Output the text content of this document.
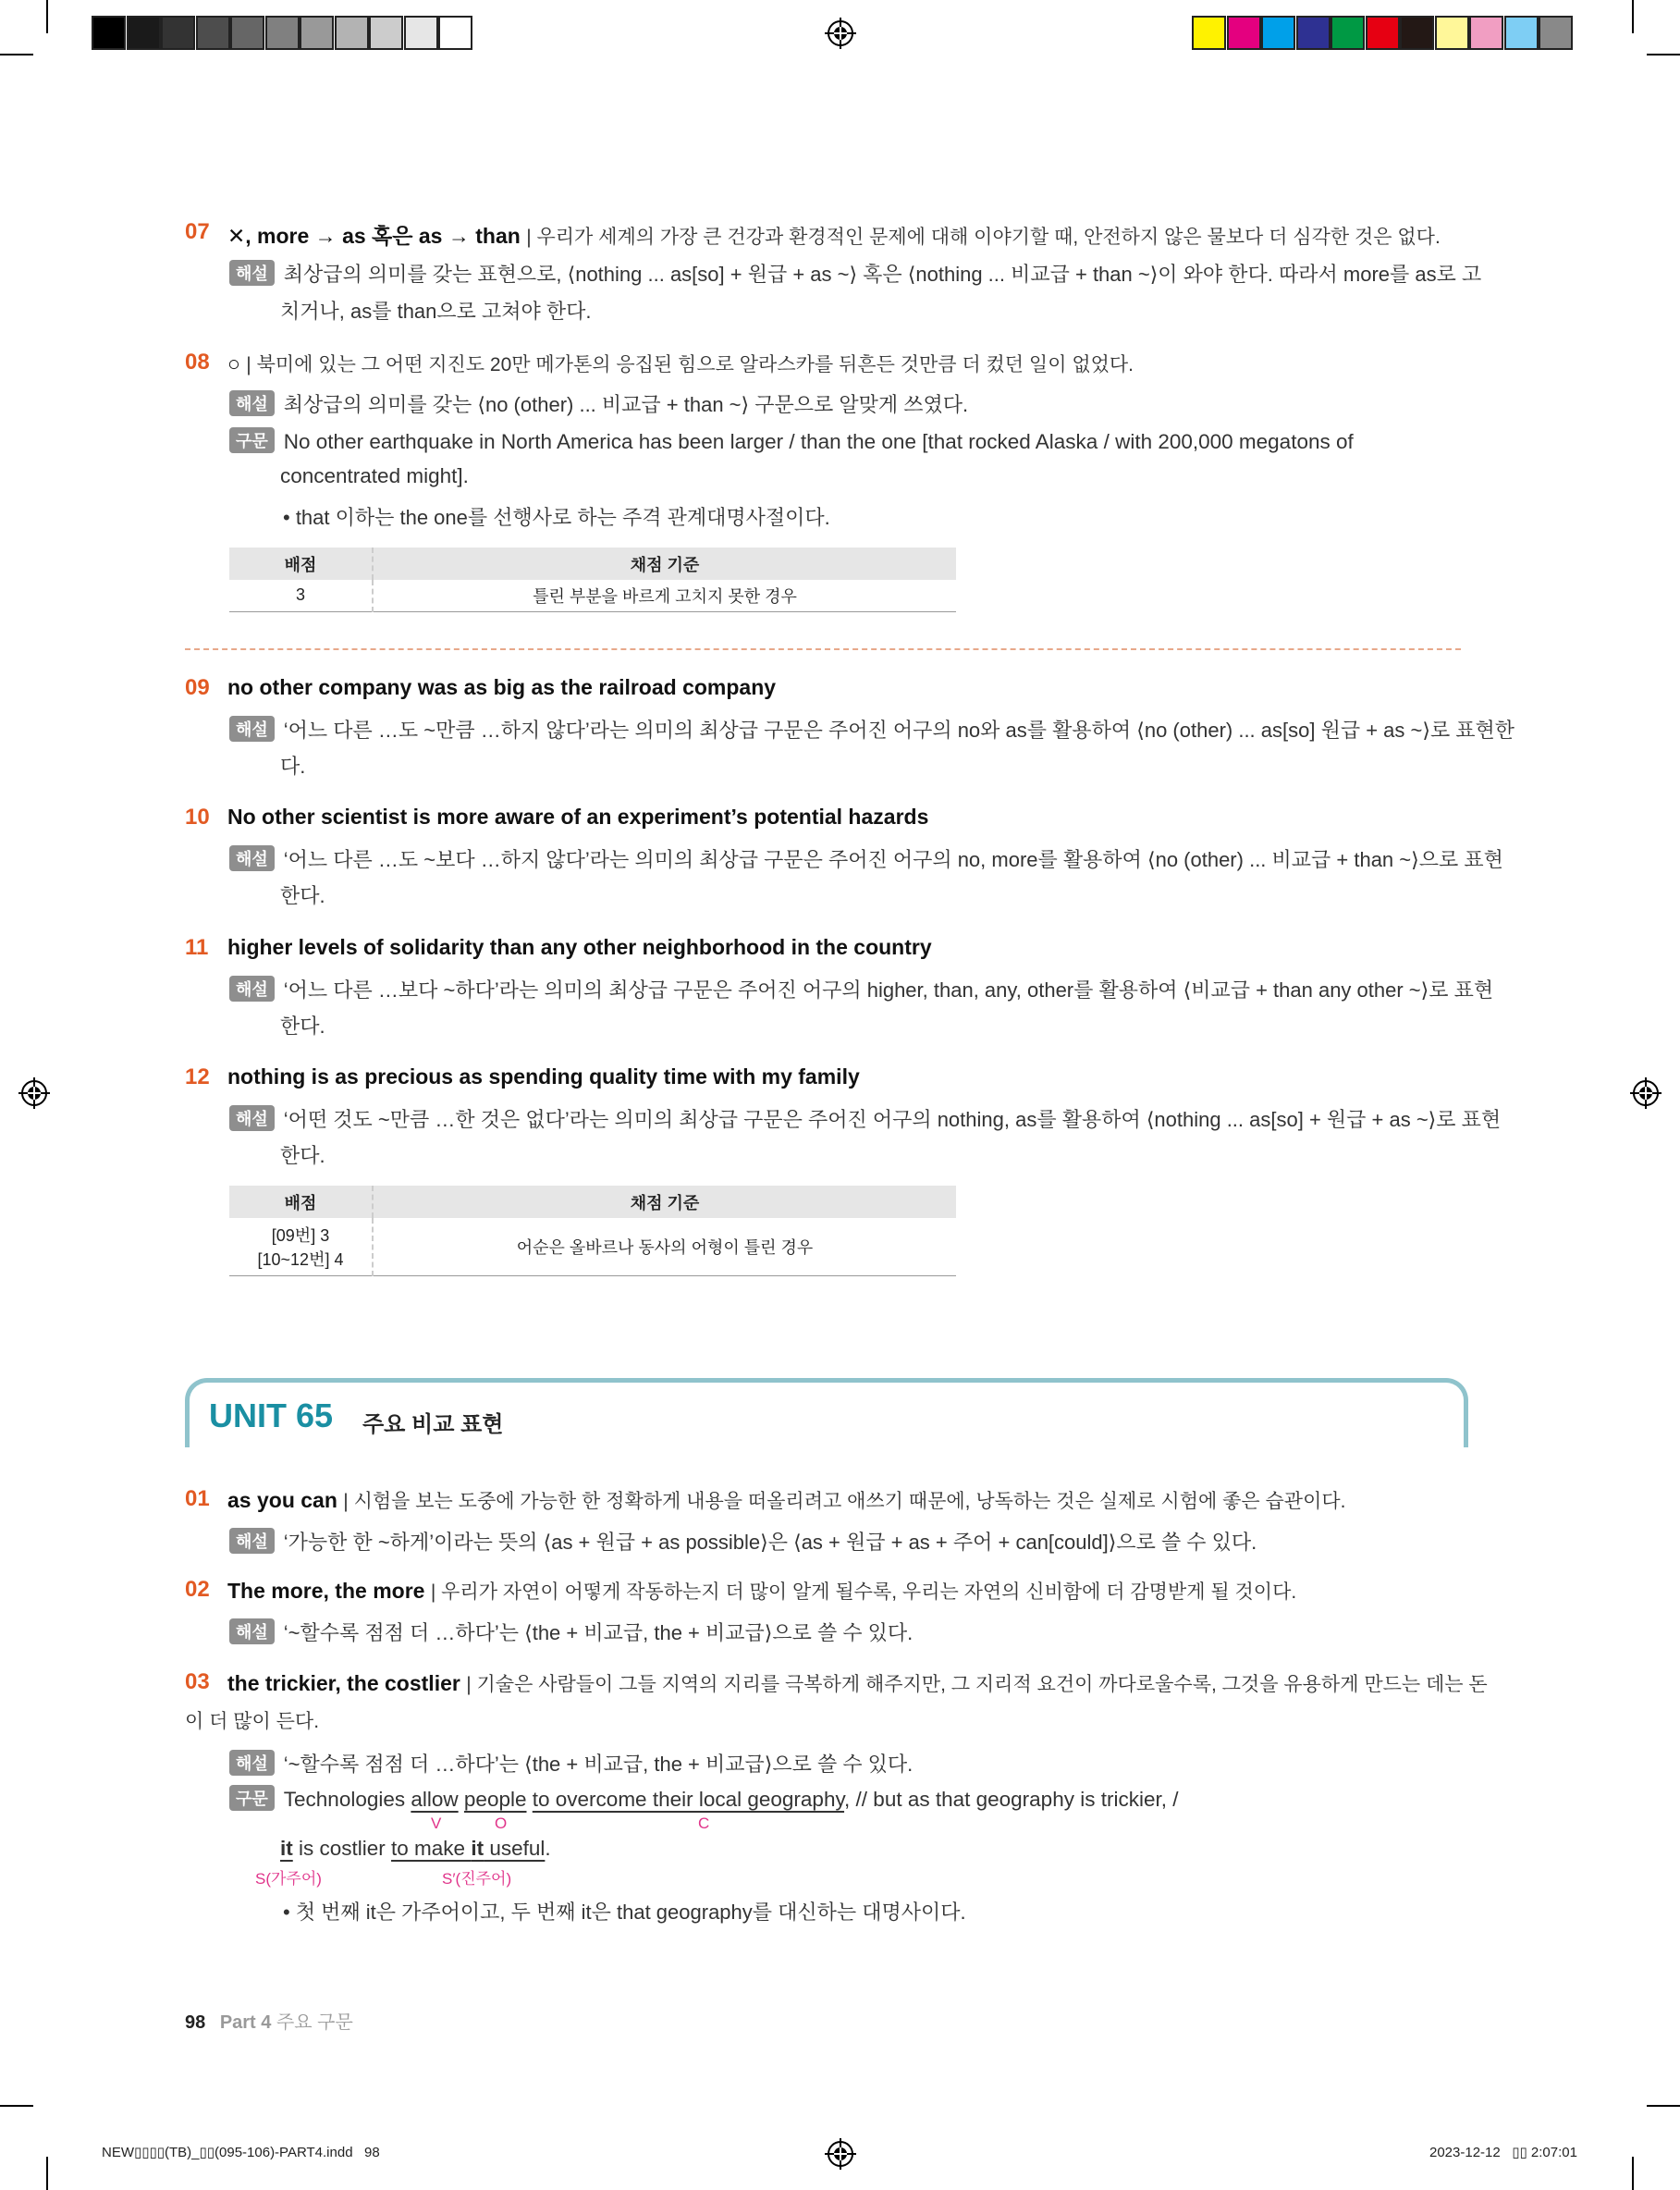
07 ✕, more → as 혹은 as → than | 우리가 세계의 가장 큰 건강과 환경적인 문제에 대해 이야기할 때, 안전하지 않은 물보다 더 심각한 것은 없다.
해설 최상급의 의미를 갖는 표현으로, ⟨nothing ... as[so] + 원급 + as ~⟩ 혹은 ⟨nothing ... 비교급 + than ~⟩이 와야 한다. 따라서 more를 as로 고
치거나, as를 than으로 고쳐야 한다.
08 ○ | 북미에 있는 그 어떤 지진도 20만 메가톤의 응집된 힘으로 알라스카를 뒤흔든 것만큼 더 컸던 일이 없었다.
해설 최상급의 의미를 갖는 ⟨no (other) ... 비교급 + than ~⟩ 구문으로 알맞게 쓰였다.
구문 No other earthquake in North America has been larger / than the one [that rocked Alaska / with 200,000 megatons of
concentrated might].
• that 이하는 the one를 선행사로 하는 주격 관계대명사절이다.
배점	채점 기준
3	틀린 부분을 바르게 고치지 못한 경우
09 no other company was as big as the railroad company
해설 ‘어느 다른 …도 ~만큼 …하지 않다’라는 의미의 최상급 구문은 주어진 어구의 no와 as를 활용하여 ⟨no (other) ... as[so] 원급 + as ~⟩로 표현한
다.
10 No other scientist is more aware of an experiment’s potential hazards
해설 ‘어느 다른 …도 ~보다 …하지 않다’라는 의미의 최상급 구문은 주어진 어구의 no, more를 활용하여 ⟨no (other) ... 비교급 + than ~⟩으로 표현
한다.
11 higher levels of solidarity than any other neighborhood in the country
해설 ‘어느 다른 …보다 ~하다’라는 의미의 최상급 구문은 주어진 어구의 higher, than, any, other를 활용하여 ⟨비교급 + than any other ~⟩로 표현
한다.
12 nothing is as precious as spending quality time with my family
해설 ‘어떤 것도 ~만큼 …한 것은 없다’라는 의미의 최상급 구문은 주어진 어구의 nothing, as를 활용하여 ⟨nothing ... as[so] + 원급 + as ~⟩로 표현
한다.
배점	채점 기준

[09번] 3
[10~12번] 4	어순은 올바르나 동사의 어형이 틀린 경우
UNIT 65 주요 비교 표현
01 as you can | 시험을 보는 도중에 가능한 한 정확하게 내용을 떠올리려고 애쓰기 때문에, 낭독하는 것은 실제로 시험에 좋은 습관이다.
해설 ‘가능한 한 ~하게’이라는 뜻의 ⟨as + 원급 + as possible⟩은 ⟨as + 원급 + as + 주어 + can[could]⟩으로 쓸 수 있다.
02 The more, the more | 우리가 자연이 어떻게 작동하는지 더 많이 알게 될수록, 우리는 자연의 신비함에 더 감명받게 될 것이다.
해설 ‘~할수록 점점 더 …하다’는 ⟨the + 비교급, the + 비교급⟩으로 쓸 수 있다.
03 the trickier, the costlier | 기술은 사람들이 그들 지역의 지리를 극복하게 해주지만, 그 지리적 요건이 까다로울수록, 그것을 유용하게 만드는 데는 돈
이 더 많이 든다.
해설 ‘~할수록 점점 더 …하다’는 ⟨the + 비교급, the + 비교급⟩으로 쓸 수 있다.
구문 Technologies allow people to overcome their local geography, // but as that geography is trickier, /
V	O	C
it is costlier to make it useful.
S(가주어)	S′(진주어)
• 첫 번째 it은 가주어이고, 두 번째 it은 that geography를 대신하는 대명사이다.
98 Part 4 주요 구문
NEW▯▯▯▯(TB)_▯▯(095-106)-PART4.indd   98	2023-12-12   ▯▯ 2:07:01
